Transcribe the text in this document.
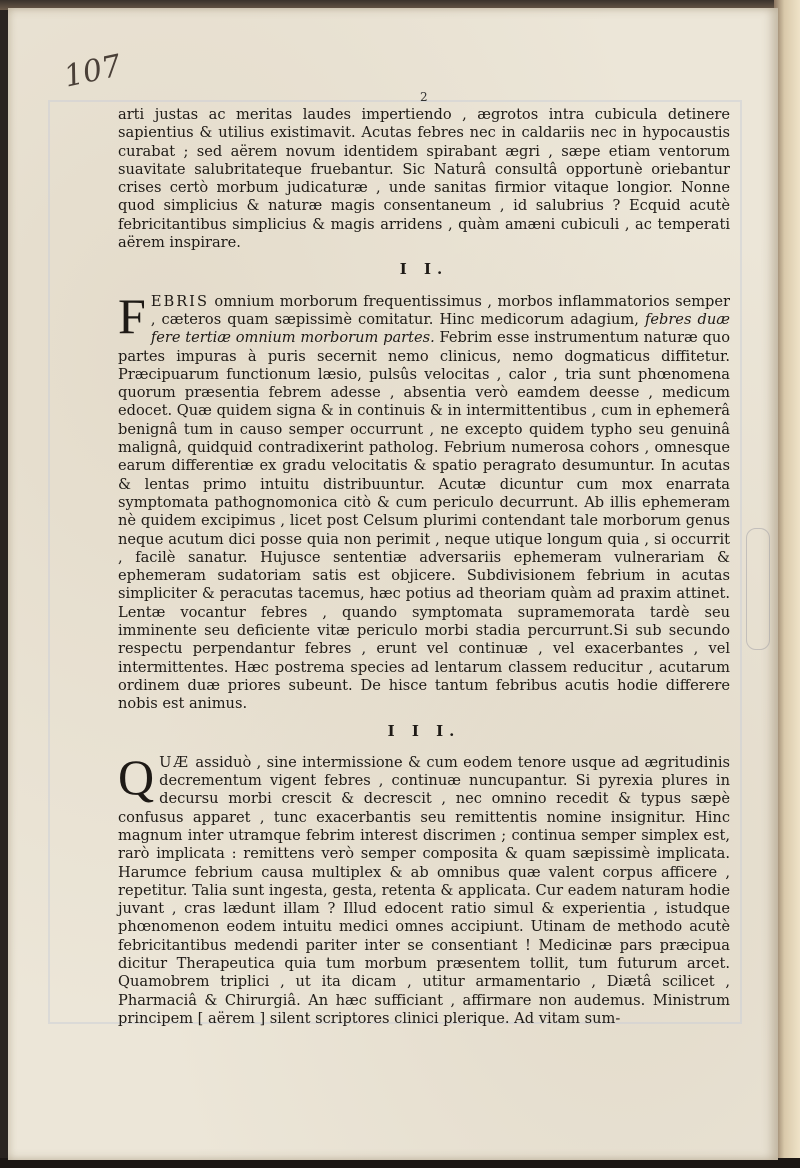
107
2

arti justas ac meritas laudes impertiendo , ægrotos intra cubicula detinere sapientius & utilius existimavit. Acutas febres nec in caldariis nec in hypocaustis curabat ; sed aërem novum identidem spirabant ægri , sæpe etiam ventorum suavitate salubritateque fruebantur. Sic Naturâ consultâ opportunè oriebantur crises certò morbum judicaturæ , unde sanitas firmior vitaque longior. Nonne quod simplicius & naturæ magis consentaneum , id salubrius ? Ecquid acutè febricitantibus simplicius & magis arridens , quàm amæni cubiculi , ac temperati aërem inspirare.

I I.

FEBRIS omnium morborum frequentissimus , morbos inflammatorios semper , cæteros quam sæpissimè comitatur. Hinc medicorum adagium, febres duæ fere tertiæ omnium morborum partes. Febrim esse instrumentum naturæ quo partes impuras à puris secernit nemo clinicus, nemo dogmaticus diffitetur. Præcipuarum functionum læsio, pulsûs velocitas , calor , tria sunt phœnomena quorum præsentia febrem adesse , absentia verò eamdem deesse , medicum edocet. Quæ quidem signa & in continuis & in intermittentibus , cum in ephemerâ benignâ tum in causo semper occurrunt , ne excepto quidem typho seu genuinâ malignâ, quidquid contradixerint patholog. Febrium numerosa cohors , omnesque earum differentiæ ex gradu velocitatis & spatio peragrato desumuntur. In acutas & lentas primo intuitu distribuuntur. Acutæ dicuntur cum mox enarrata symptomata pathognomonica citò & cum periculo decurrunt. Ab illis ephemeram nè quidem excipimus , licet post Celsum plurimi contendant tale morborum genus neque acutum dici posse quia non perimit , neque utique longum quia , si occurrit , facilè sanatur. Hujusce sententiæ adversariis ephemeram vulnerariam & ephemeram sudatoriam satis est objicere. Subdivisionem febrium in acutas simpliciter & peracutas tacemus, hæc potius ad theoriam quàm ad praxim attinet. Lentæ vocantur febres , quando symptomata supramemorata tardè seu imminente seu deficiente vitæ periculo morbi stadia percurrunt.Si sub secundo respectu perpendantur febres , erunt vel continuæ , vel exacerbantes , vel intermittentes. Hæc postrema species ad lentarum classem reducitur , acutarum ordinem duæ priores subeunt. De hisce tantum febribus acutis hodie differere nobis est animus.

I I I.

QUÆ assiduò , sine intermissione & cum eodem tenore usque ad ægritudinis decrementum vigent febres , continuæ nuncupantur. Si pyrexia plures in decursu morbi crescit & decrescit , nec omnino recedit & typus sæpè confusus apparet , tunc exacerbantis seu remittentis nomine insignitur. Hinc magnum inter utramque febrim interest discrimen ; continua semper simplex est, rarò implicata : remittens verò semper composita & quam sæpissimè implicata. Harumce febrium causa multiplex & ab omnibus quæ valent corpus afficere , repetitur. Talia sunt ingesta, gesta, retenta & applicata. Cur eadem naturam hodie juvant , cras lædunt illam ? Illud edocent ratio simul & experientia , istudque phœnomenon eodem intuitu medici omnes accipiunt. Utinam de methodo acutè febricitantibus medendi pariter inter se consentiant ! Medicinæ pars præcipua dicitur Therapeutica quia tum morbum præsentem tollit, tum futurum arcet. Quamobrem triplici , ut ita dicam , utitur armamentario , Diætâ scilicet , Pharmaciâ & Chirurgiâ. An hæc sufficiant , affirmare non audemus. Ministrum principem [ aërem ] silent scriptores clinici plerique. Ad vitam sum-
